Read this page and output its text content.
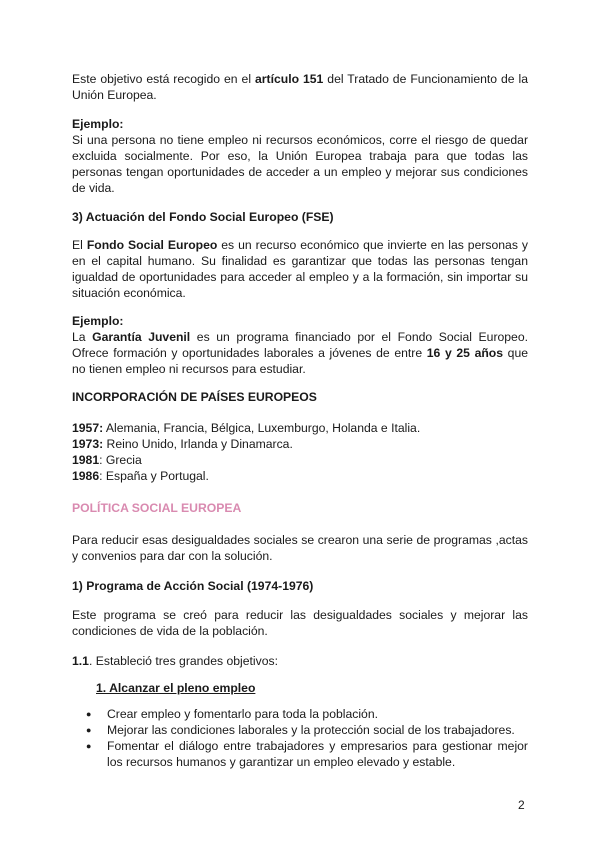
Este objetivo está recogido en el artículo 151 del Tratado de Funcionamiento de la Unión Europea.

Ejemplo:

Si una persona no tiene empleo ni recursos económicos, corre el riesgo de quedar excluida socialmente. Por eso, la Unión Europea trabaja para que todas las personas tengan oportunidades de acceder a un empleo y mejorar sus condiciones de vida.

3) Actuación del Fondo Social Europeo (FSE)

El Fondo Social Europeo es un recurso económico que invierte en las personas y en el capital humano. Su finalidad es garantizar que todas las personas tengan igualdad de oportunidades para acceder al empleo y a la formación, sin importar su situación económica.

Ejemplo:

La Garantía Juvenil es un programa financiado por el Fondo Social Europeo. Ofrece formación y oportunidades laborales a jóvenes de entre 16 y 25 años que no tienen empleo ni recursos para estudiar.

INCORPORACIÓN DE PAÍSES EUROPEOS

1957: Alemania, Francia, Bélgica, Luxemburgo, Holanda e Italia.
1973: Reino Unido, Irlanda y Dinamarca.
1981: Grecia
1986: España y Portugal.

POLÍTICA SOCIAL EUROPEA

Para reducir esas desigualdades sociales se crearon una serie de programas ,actas y convenios para dar con la solución.

1) Programa de Acción Social (1974-1976)

Este programa se creó para reducir las desigualdades sociales y mejorar las condiciones de vida de la población.

1.1. Estableció tres grandes objetivos:

1. Alcanzar el pleno empleo

● Crear empleo y fomentarlo para toda la población.
● Mejorar las condiciones laborales y la protección social de los trabajadores.
● Fomentar el diálogo entre trabajadores y empresarios para gestionar mejor los recursos humanos y garantizar un empleo elevado y estable.
2
